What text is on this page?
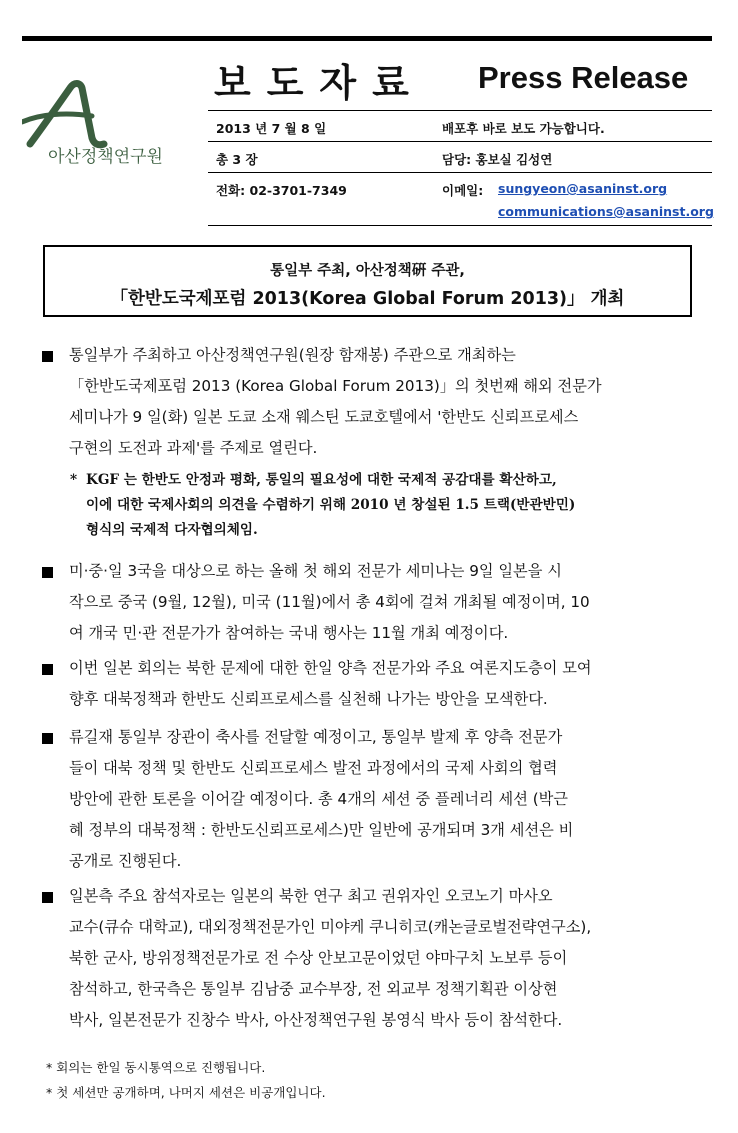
아산정책연구원
보도자료 Press Release
2013 년 7 월 8 일	배포후 바로 보도 가능합니다.
총 3 장	담당: 홍보실 김성연
전화: 02-3701-7349	이메일: sungyeon@asaninst.org
communications@asaninst.org
통일부 주최, 아산정책硏 주관,
「한반도국제포럼 2013(Korea Global Forum 2013)」 개최
통일부가 주최하고 아산정책연구원(원장 함재봉) 주관으로 개최하는
「한반도국제포럼 2013 (Korea Global Forum 2013)」의 첫번째 해외 전문가
세미나가 9 일(화) 일본 도쿄 소재 웨스틴 도쿄호텔에서 '한반도 신뢰프로세스
구현의 도전과 과제'를 주제로 열린다.
* KGF 는 한반도 안정과 평화, 통일의 필요성에 대한 국제적 공감대를 확산하고,
이에 대한 국제사회의 의견을 수렴하기 위해 2010 년 창설된 1.5 트랙(반관반민)
형식의 국제적 다자협의체임.
미·중·일 3국을 대상으로 하는 올해 첫 해외 전문가 세미나는 9일 일본을 시
작으로 중국 (9월, 12월), 미국 (11월)에서 총 4회에 걸쳐 개최될 예정이며, 10
여 개국 민·관 전문가가 참여하는 국내 행사는 11월 개최 예정이다.
이번 일본 회의는 북한 문제에 대한 한일 양측 전문가와 주요 여론지도층이 모여
향후 대북정책과 한반도 신뢰프로세스를 실천해 나가는 방안을 모색한다.
류길재 통일부 장관이 축사를 전달할 예정이고, 통일부 발제 후 양측 전문가
들이 대북 정책 및 한반도 신뢰프로세스 발전 과정에서의 국제 사회의 협력
방안에 관한 토론을 이어갈 예정이다. 총 4개의 세션 중 플레너리 세션 (박근
혜 정부의 대북정책 : 한반도신뢰프로세스)만 일반에 공개되며 3개 세션은 비
공개로 진행된다.
일본측 주요 참석자로는 일본의 북한 연구 최고 권위자인 오코노기 마사오
교수(큐슈 대학교), 대외정책전문가인 미야케 쿠니히코(캐논글로벌전략연구소),
북한 군사, 방위정책전문가로 전 수상 안보고문이었던 야마구치 노보루 등이
참석하고, 한국측은 통일부 김남중 교수부장, 전 외교부 정책기획관 이상현
박사, 일본전문가 진창수 박사, 아산정책연구원 봉영식 박사 등이 참석한다.
* 회의는 한일 동시통역으로 진행됩니다.
* 첫 세션만 공개하며, 나머지 세션은 비공개입니다.
